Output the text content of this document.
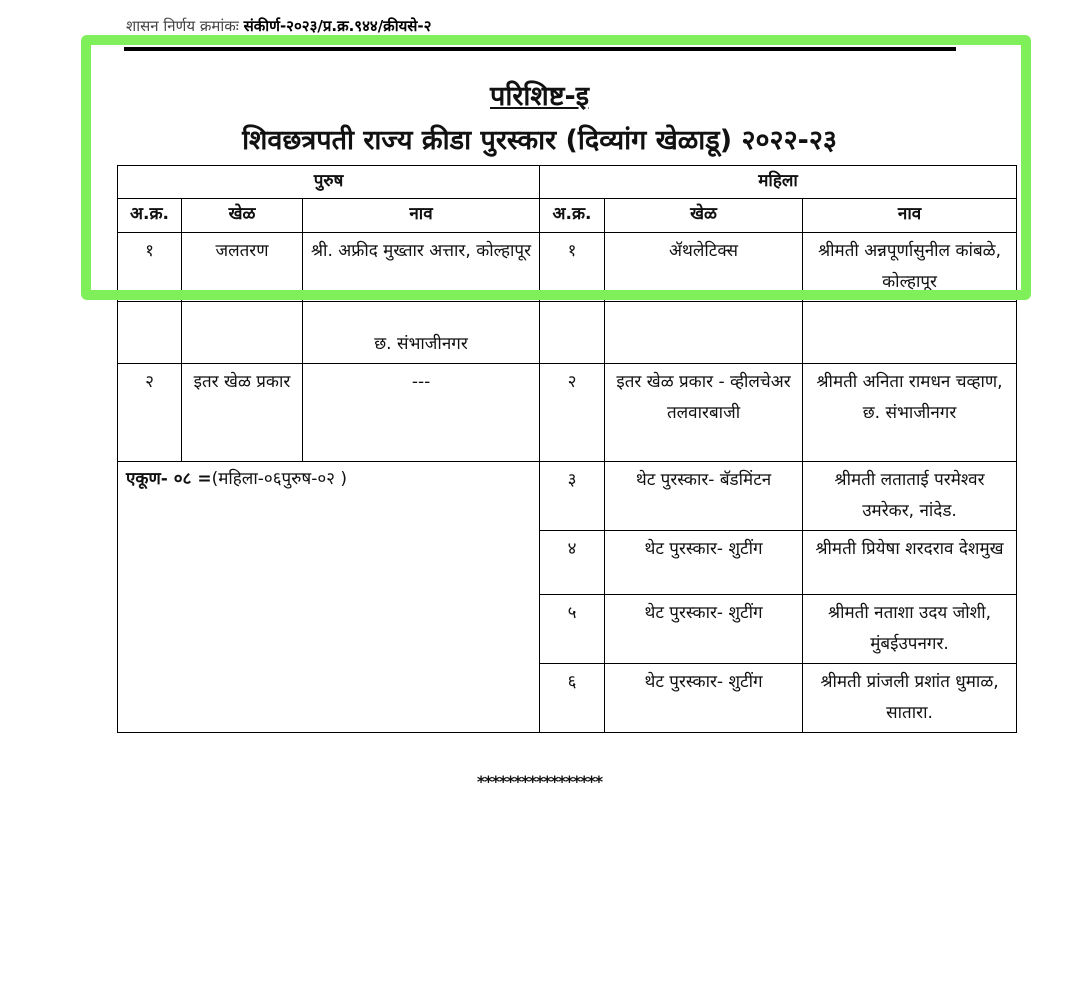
शासन निर्णय क्रमांकः संकीर्ण-२०२३/प्र.क्र.९४४/क्रीयसे-२
परिशिष्ट-इ
शिवछत्रपती राज्य क्रीडा पुरस्कार (दिव्यांग खेळाडू) २०२२-२३
पुरुष			महिला		
अ.क्र.	खेळ	नाव	अ.क्र.	खेळ	नाव
१	जलतरण	श्री. अफ्रीद मुख्तार अत्तार, कोल्हापूर	१	ॲथलेटिक्स	श्रीमती अन्नपूर्णासुनील कांबळे, कोल्हापूर
		छ. संभाजीनगर			
२	इतर खेळ प्रकार	---	२	इतर खेळ प्रकार - व्हीलचेअर तलवारबाजी	श्रीमती अनिता रामधन चव्हाण, छ. संभाजीनगर
एकूण- ०८ =(महिला-०६पुरुष-०२ )			३	थेट पुरस्कार- बॅडमिंटन	श्रीमती लताताई परमेश्वर उमरेकर, नांदेड.
			४	थेट पुरस्कार- शुटींग	श्रीमती प्रियेषा शरदराव देशमुख
			५	थेट पुरस्कार- शुटींग	श्रीमती नताशा उदय जोशी, मुंबईउपनगर.
			६	थेट पुरस्कार- शुटींग	श्रीमती प्रांजली प्रशांत धुमाळ, सातारा.
*****************
